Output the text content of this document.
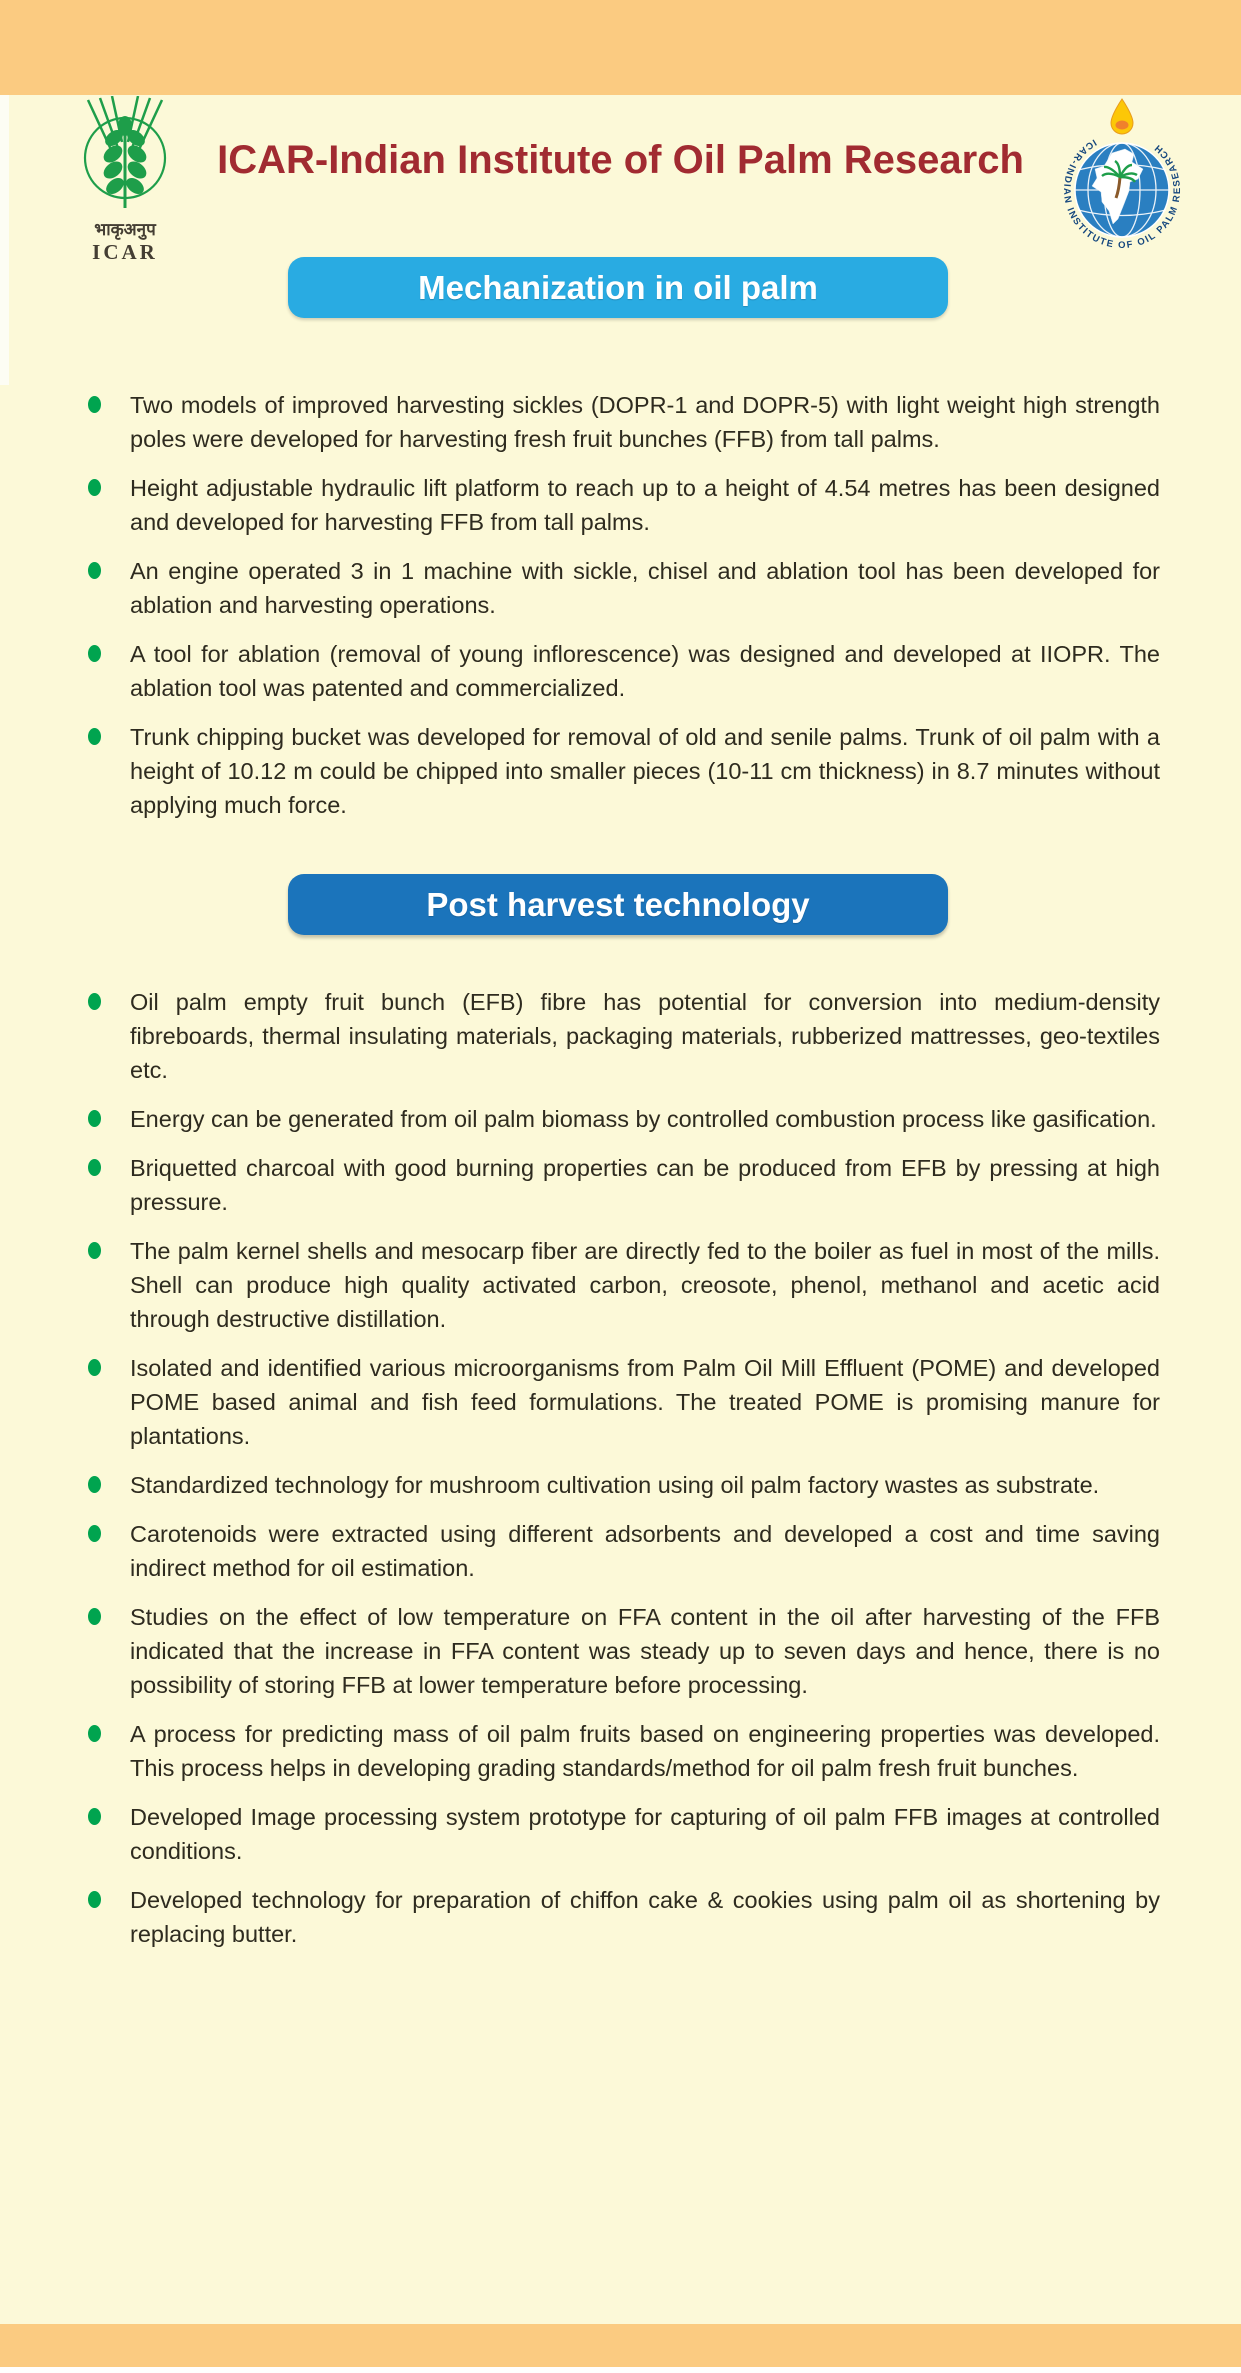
भाकृअनुप
ICAR
ICAR-Indian Institute of Oil Palm Research	ICAR-INDIAN INSTITUTE OF OIL PALM RESEARCH
Mechanization in oil palm
Two models of improved harvesting sickles (DOPR-1 and DOPR-5) with light weight high strength poles were developed for harvesting fresh fruit bunches (FFB) from tall palms.
Height adjustable hydraulic lift platform to reach up to a height of 4.54 metres has been designed and developed for harvesting FFB from tall palms.
An engine operated 3 in 1 machine with sickle, chisel and ablation tool has been developed for ablation and harvesting operations.
A tool for ablation (removal of young inflorescence) was designed and developed at IIOPR. The ablation tool was patented and commercialized.
Trunk chipping bucket was developed for removal of old and senile palms. Trunk of oil palm with a height of 10.12 m could be chipped into smaller pieces (10-11 cm thickness) in 8.7 minutes without applying much force.
Post harvest technology
Oil palm empty fruit bunch (EFB) fibre has potential for conversion into medium-density fibreboards, thermal insulating materials, packaging materials, rubberized mattresses, geo-textiles etc.
Energy can be generated from oil palm biomass by controlled combustion process like gasification.
Briquetted charcoal with good burning properties can be produced from EFB by pressing at high pressure.
The palm kernel shells and mesocarp fiber are directly fed to the boiler as fuel in most of the mills. Shell can produce high quality activated carbon, creosote, phenol, methanol and acetic acid through destructive distillation.
Isolated and identified various microorganisms from Palm Oil Mill Effluent (POME) and developed POME based animal and fish feed formulations. The treated POME is promising manure for plantations.
Standardized technology for mushroom cultivation using oil palm factory wastes as substrate.
Carotenoids were extracted using different adsorbents and developed a cost and time saving indirect method for oil estimation.
Studies on the effect of low temperature on FFA content in the oil after harvesting of the FFB indicated that the increase in FFA content was steady up to seven days and hence, there is no possibility of storing FFB at lower temperature before processing.
A process for predicting mass of oil palm fruits based on engineering properties was developed. This process helps in developing grading standards/method for oil palm fresh fruit bunches.
Developed Image processing system prototype for capturing of oil palm FFB images at controlled conditions.
Developed technology for preparation of chiffon cake & cookies using palm oil as shortening by replacing butter.
